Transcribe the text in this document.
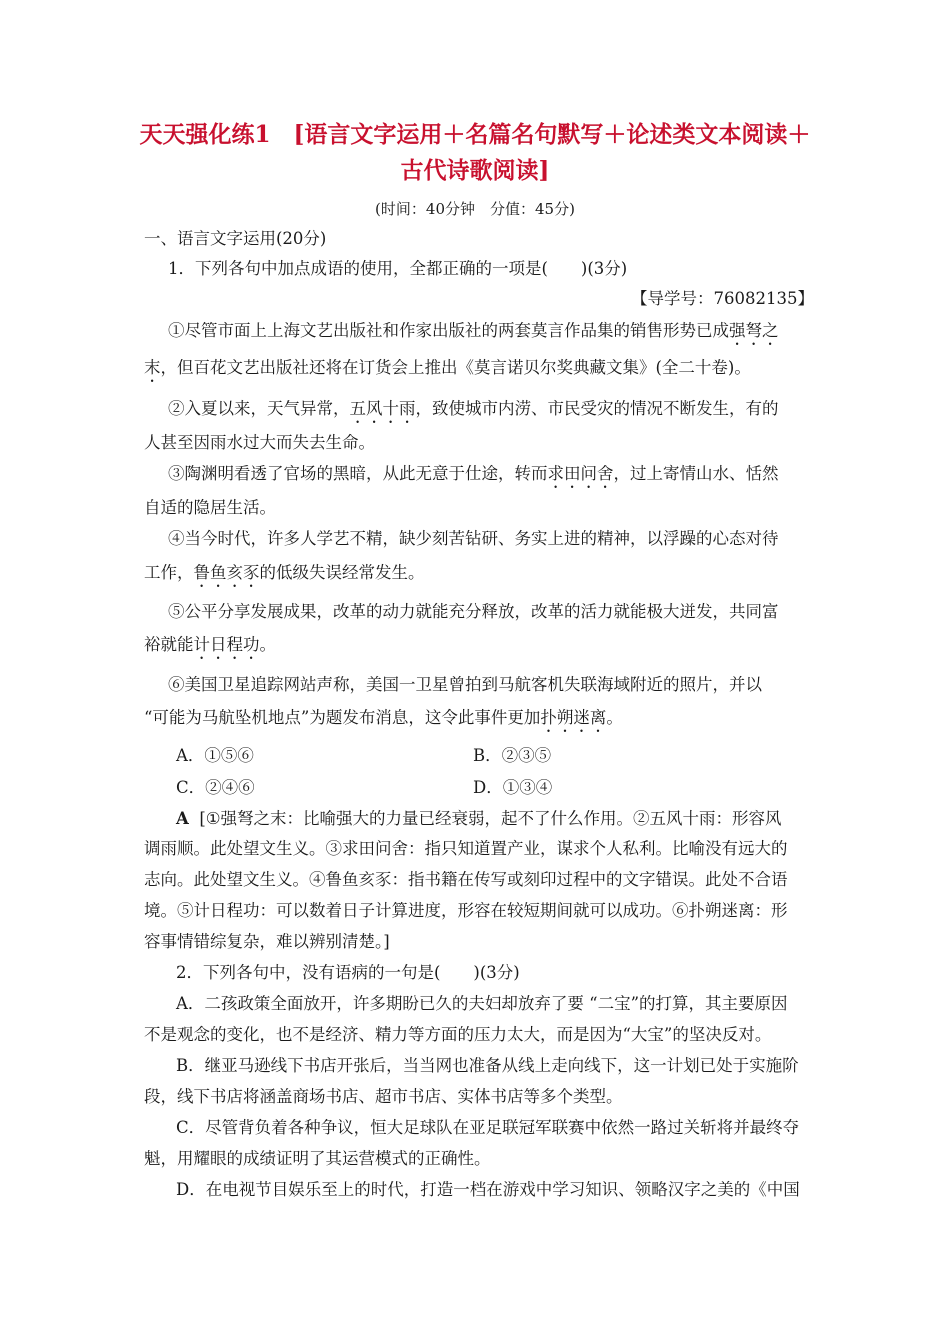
天天强化练1　[语言文字运用＋名篇名句默写＋论述类文本阅读＋
古代诗歌阅读]
(时间：40分钟　分值：45分)
一、语言文字运用(20分)
1．下列各句中加点成语的使用，全都正确的一项是(　　)(3分)
【导学号：76082135】
①尽管市面上上海文艺出版社和作家出版社的两套莫言作品集的销售形势已成强弩之
末，但百花文艺出版社还将在订货会上推出《莫言诺贝尔奖典藏文集》(全二十卷)。
②入夏以来，天气异常，五风十雨，致使城市内涝、市民受灾的情况不断发生，有的
人甚至因雨水过大而失去生命。
③陶渊明看透了官场的黑暗，从此无意于仕途，转而求田问舍，过上寄情山水、恬然
自适的隐居生活。
④当今时代，许多人学艺不精，缺少刻苦钻研、务实上进的精神，以浮躁的心态对待
工作，鲁鱼亥豕的低级失误经常发生。
⑤公平分享发展成果，改革的动力就能充分释放，改革的活力就能极大迸发，共同富
裕就能计日程功。
⑥美国卫星追踪网站声称，美国一卫星曾拍到马航客机失联海域附近的照片，并以
“可能为马航坠机地点”为题发布消息，这令此事件更加扑朔迷离。
A．①⑤⑥	B．②③⑤
C．②④⑥	D．①③④
A [①强弩之末：比喻强大的力量已经衰弱，起不了什么作用。②五风十雨：形容风
调雨顺。此处望文生义。③求田问舍：指只知道置产业，谋求个人私利。比喻没有远大的
志向。此处望文生义。④鲁鱼亥豕：指书籍在传写或刻印过程中的文字错误。此处不合语
境。⑤计日程功：可以数着日子计算进度，形容在较短期间就可以成功。⑥扑朔迷离：形
容事情错综复杂，难以辨别清楚。]
2．下列各句中，没有语病的一句是(　　)(3分)
A．二孩政策全面放开，许多期盼已久的夫妇却放弃了要 “二宝”的打算，其主要原因
不是观念的变化，也不是经济、精力等方面的压力太大，而是因为“大宝”的坚决反对。
B．继亚马逊线下书店开张后，当当网也准备从线上走向线下，这一计划已处于实施阶
段，线下书店将涵盖商场书店、超市书店、实体书店等多个类型。
C．尽管背负着各种争议，恒大足球队在亚足联冠军联赛中依然一路过关斩将并最终夺
魁，用耀眼的成绩证明了其运营模式的正确性。
D．在电视节目娱乐至上的时代，打造一档在游戏中学习知识、领略汉字之美的《中国
